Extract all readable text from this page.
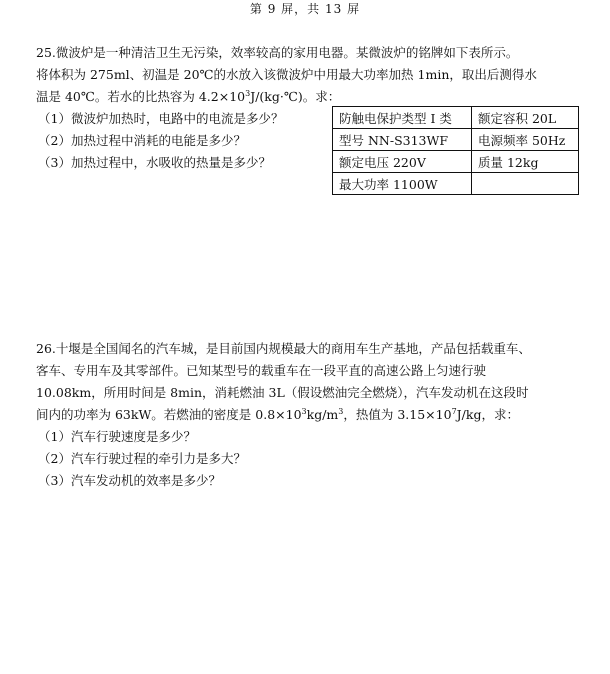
第 9 屏，共 13 屏
25.微波炉是一种清洁卫生无污染，效率较高的家用电器。某微波炉的铭牌如下表所示。
将体积为 275ml、初温是 20℃的水放入该微波炉中用最大功率加热 1min，取出后测得水
温是 40℃。若水的比热容为 $4.2\times 10^3J/(kg\cdot℃)$。求：
（1）微波炉加热时，电路中的电流是多少？
（2）加热过程中消耗的电能是多少？
（3）加热过程中，水吸收的热量是多少？
防触电保护类型 I 类	额定容积 20L
型号 NN-S313WF	电源频率 50Hz
额定电压 220V	质量 12kg
最大功率 1100W	
26.十堰是全国闻名的汽车城，是目前国内规模最大的商用车生产基地，产品包括载重车、
客车、专用车及其零部件。已知某型号的载重车在一段平直的高速公路上匀速行驶
10.08km，所用时间是 8min，消耗燃油 3L（假设燃油完全燃烧），汽车发动机在这段时
间内的功率为 63kW。若燃油的密度是 $0.8\times 10^3kg/m^3$，热值为 $3.15\times 10^7J/kg$，求：
（1）汽车行驶速度是多少？
（2）汽车行驶过程的牵引力是多大？
（3）汽车发动机的效率是多少？
